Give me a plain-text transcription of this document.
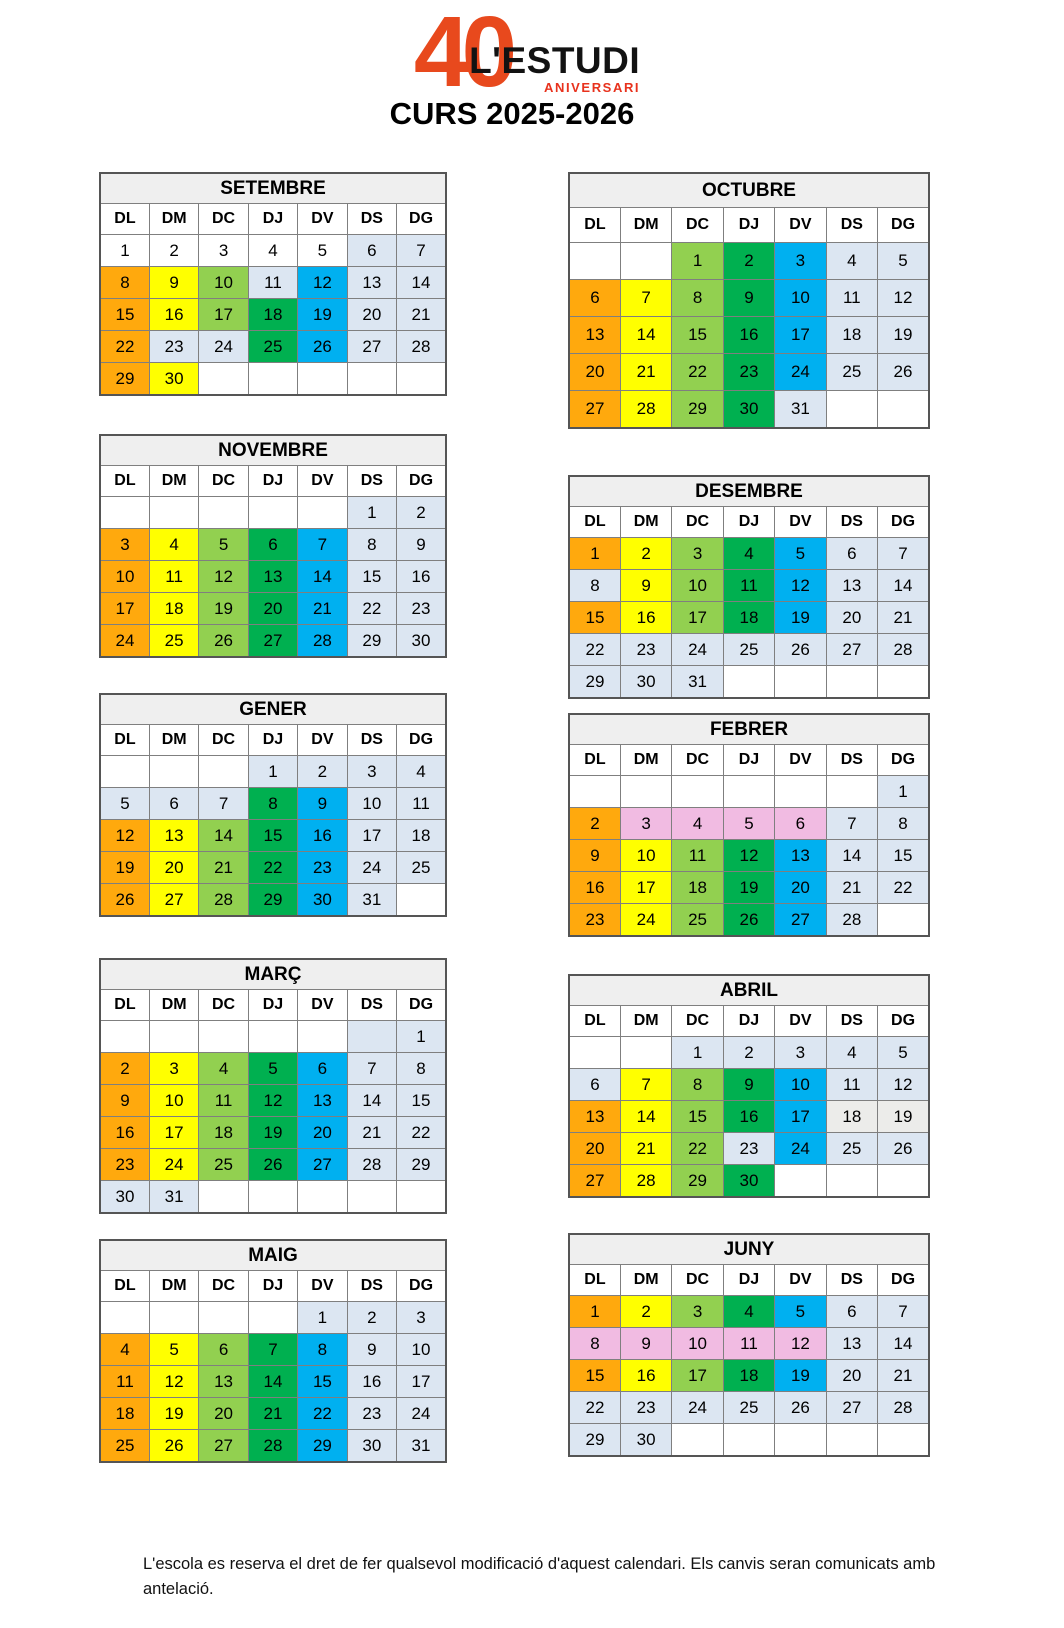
40
L'ESTUDI
ANIVERSARI
CURS 2025-2026
SETEMBRE						
DL	DM	DC	DJ	DV	DS	DG
1	2	3	4	5	6	7
8	9	10	11	12	13	14
15	16	17	18	19	20	21
22	23	24	25	26	27	28
29	30					
NOVEMBRE						
DL	DM	DC	DJ	DV	DS	DG
					1	2
3	4	5	6	7	8	9
10	11	12	13	14	15	16
17	18	19	20	21	22	23
24	25	26	27	28	29	30
GENER						
DL	DM	DC	DJ	DV	DS	DG
			1	2	3	4
5	6	7	8	9	10	11
12	13	14	15	16	17	18
19	20	21	22	23	24	25
26	27	28	29	30	31	
MARÇ						
DL	DM	DC	DJ	DV	DS	DG
						1
2	3	4	5	6	7	8
9	10	11	12	13	14	15
16	17	18	19	20	21	22
23	24	25	26	27	28	29
30	31					
MAIG						
DL	DM	DC	DJ	DV	DS	DG
				1	2	3
4	5	6	7	8	9	10
11	12	13	14	15	16	17
18	19	20	21	22	23	24
25	26	27	28	29	30	31
OCTUBRE						
DL	DM	DC	DJ	DV	DS	DG
		1	2	3	4	5
6	7	8	9	10	11	12
13	14	15	16	17	18	19
20	21	22	23	24	25	26
27	28	29	30	31		
DESEMBRE						
DL	DM	DC	DJ	DV	DS	DG
1	2	3	4	5	6	7
8	9	10	11	12	13	14
15	16	17	18	19	20	21
22	23	24	25	26	27	28
29	30	31				
FEBRER						
DL	DM	DC	DJ	DV	DS	DG
						1
2	3	4	5	6	7	8
9	10	11	12	13	14	15
16	17	18	19	20	21	22
23	24	25	26	27	28	
ABRIL						
DL	DM	DC	DJ	DV	DS	DG
		1	2	3	4	5
6	7	8	9	10	11	12
13	14	15	16	17	18	19
20	21	22	23	24	25	26
27	28	29	30			
JUNY						
DL	DM	DC	DJ	DV	DS	DG
1	2	3	4	5	6	7
8	9	10	11	12	13	14
15	16	17	18	19	20	21
22	23	24	25	26	27	28
29	30					
L'escola es reserva el dret de fer qualsevol modificació d'aquest calendari. Els canvis seran comunicats amb antelació.
